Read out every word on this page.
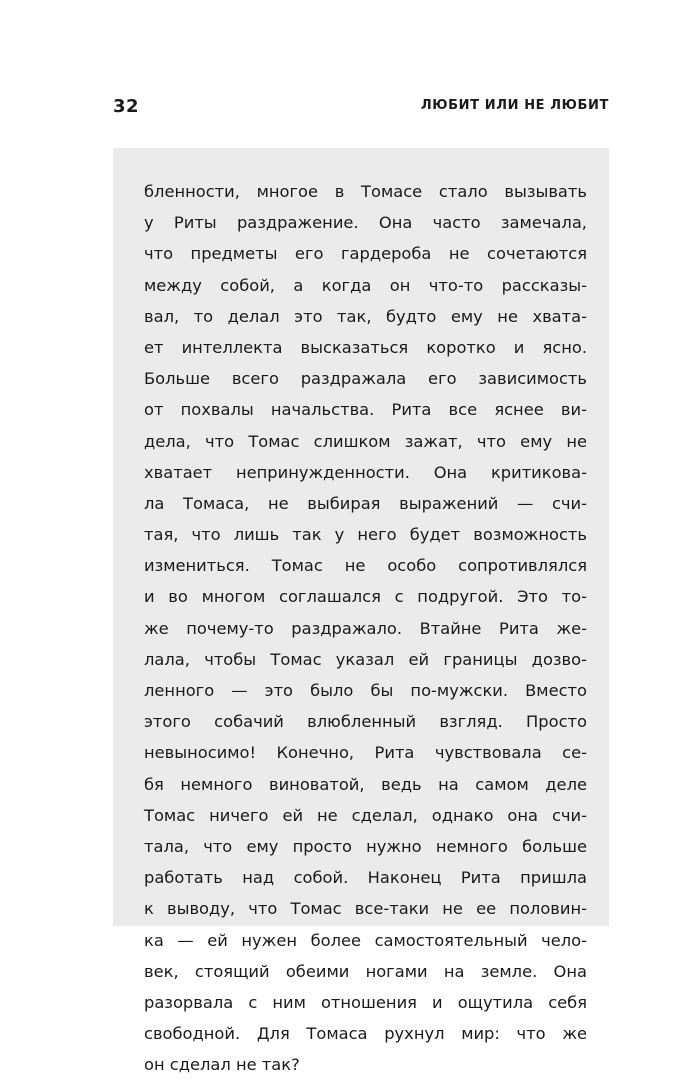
32	ЛЮБИТ ИЛИ НЕ ЛЮБИТ
бленности, многое в Томасе стало вызывать
у Риты раздражение. Она часто замечала,
что предметы его гардероба не сочетаются
между собой, а когда он что-то рассказы-
вал, то делал это так, будто ему не хвата-
ет интеллекта высказаться коротко и ясно.
Больше всего раздражала его зависимость
от похвалы начальства. Рита все яснее ви-
дела, что Томас слишком зажат, что ему не
хватает непринужденности. Она критикова-
ла Томаса, не выбирая выражений — счи-
тая, что лишь так у него будет возможность
измениться. Томас не особо сопротивлялся
и во многом соглашался с подругой. Это то-
же почему-то раздражало. Втайне Рита же-
лала, чтобы Томас указал ей границы дозво-
ленного — это было бы по-мужски. Вместо
этого собачий влюбленный взгляд. Просто
невыносимо! Конечно, Рита чувствовала се-
бя немного виноватой, ведь на самом деле
Томас ничего ей не сделал, однако она счи-
тала, что ему просто нужно немного больше
работать над собой. Наконец Рита пришла
к выводу, что Томас все-таки не ее половин-
ка — ей нужен более самостоятельный чело-
век, стоящий обеими ногами на земле. Она
разорвала с ним отношения и ощутила себя
свободной. Для Томаса рухнул мир: что же
он сделал не так?
